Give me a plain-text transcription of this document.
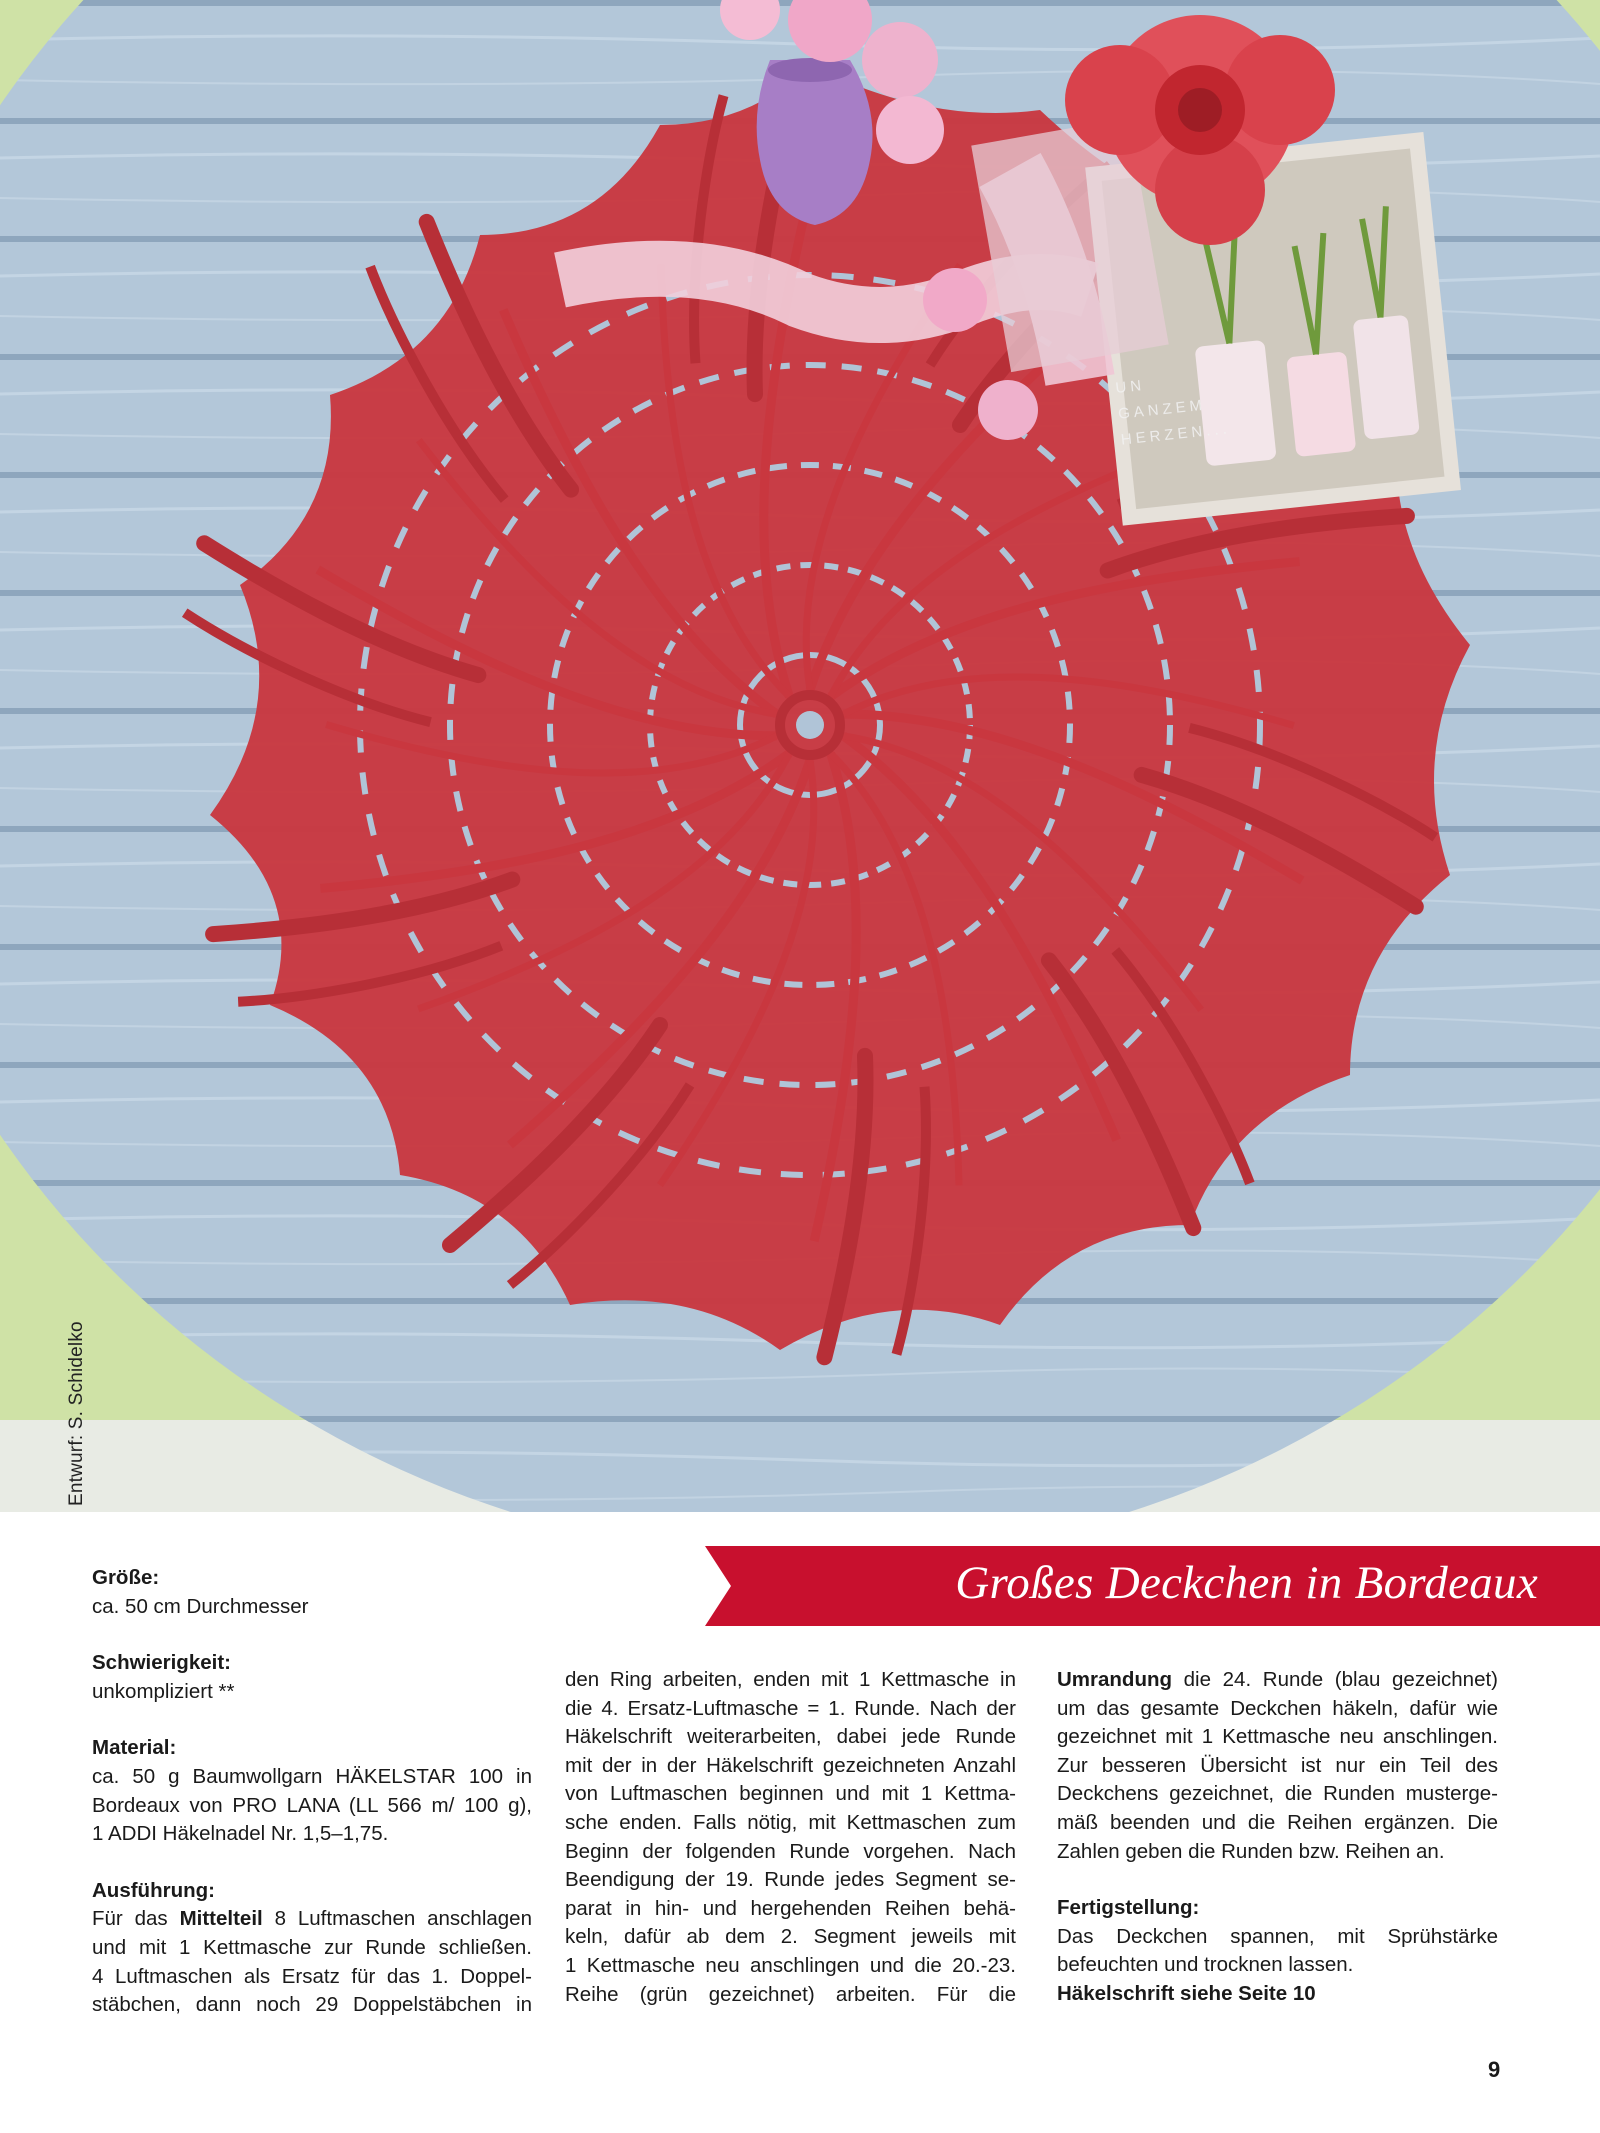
Entwurf: S. Schidelko
UN
GANZEM
HERZEN...
Großes Deckchen in Bordeaux

Größe:

ca. 50 cm Durchmesser

Schwierigkeit:

unkompliziert **

Material:

ca. 50 g Baumwollgarn HÄKELSTAR 100 in

Bordeaux von PRO LANA (LL 566 m/ 100 g),

1 ADDI Häkelnadel Nr. 1,5–1,75.

Ausführung:

Für das Mittelteil 8 Luftmaschen anschlagen

und mit 1 Kettmasche zur Runde schließen.

4 Luftmaschen als Ersatz für das 1. Doppel-

stäbchen, dann noch 29 Doppelstäbchen in

den Ring arbeiten, enden mit 1 Kettmasche in

die 4. Ersatz-Luftmasche = 1. Runde. Nach der

Häkelschrift weiterarbeiten, dabei jede Runde

mit der in der Häkelschrift gezeichneten Anzahl

von Luftmaschen beginnen und mit 1 Kettma-

sche enden. Falls nötig, mit Kettmaschen zum

Beginn der folgenden Runde vorgehen. Nach

Beendigung der 19. Runde jedes Segment se-

parat in hin- und hergehenden Reihen behä-

keln, dafür ab dem 2. Segment jeweils mit

1 Kettmasche neu anschlingen und die 20.-23.

Reihe (grün gezeichnet) arbeiten. Für die

Umrandung die 24. Runde (blau gezeichnet)

um das gesamte Deckchen häkeln, dafür wie

gezeichnet mit 1 Kettmasche neu anschlingen.

Zur besseren Übersicht ist nur ein Teil des

Deckchens gezeichnet, die Runden musterge-

mäß beenden und die Reihen ergänzen. Die

Zahlen geben die Runden bzw. Reihen an.

Fertigstellung:

Das Deckchen spannen, mit Sprühstärke

befeuchten und trocknen lassen.

Häkelschrift siehe Seite 10

9
